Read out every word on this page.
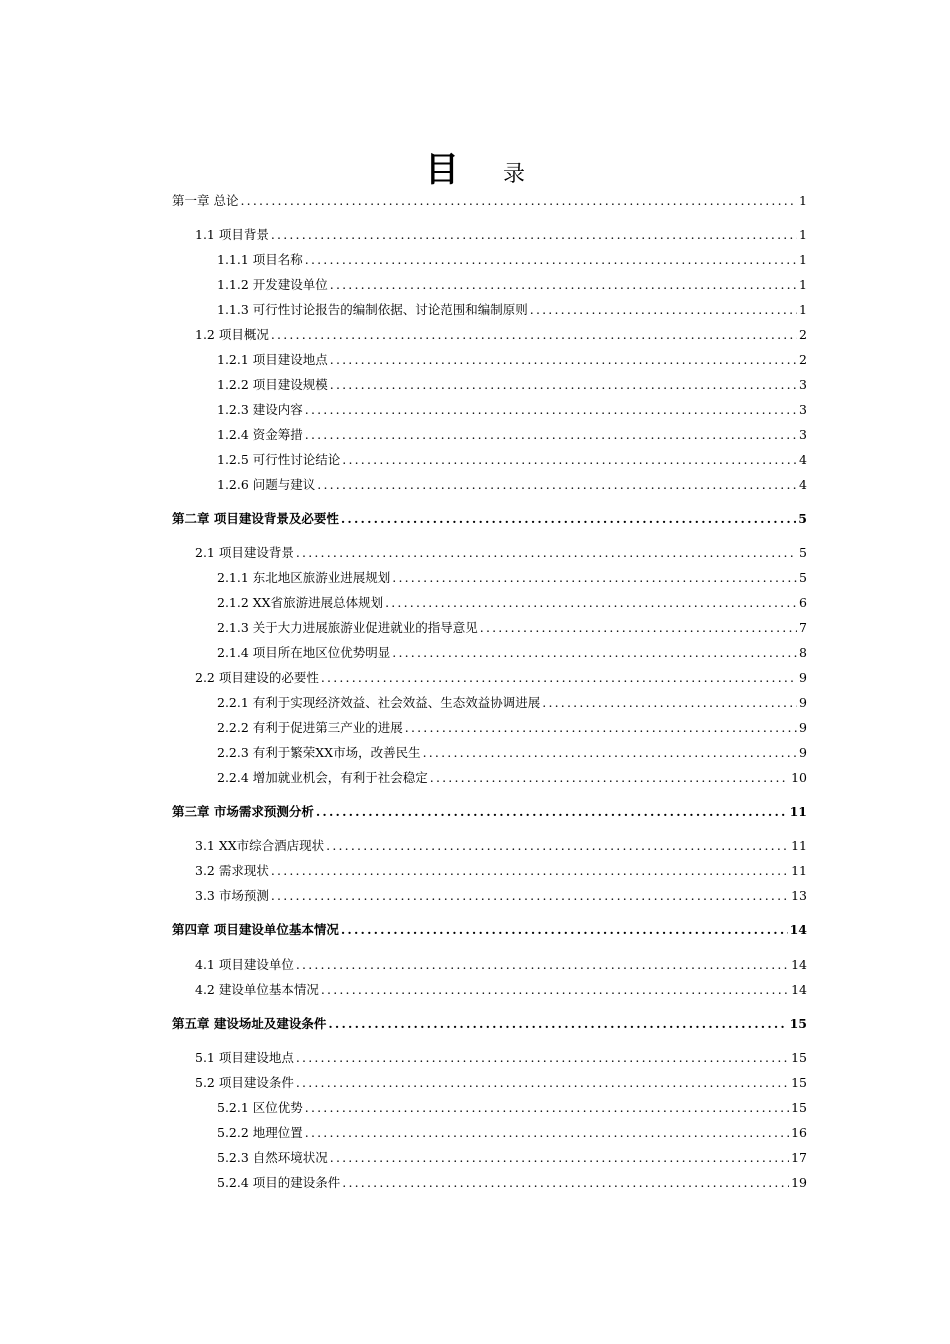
目 录
第一章 总论 .....	1
1.1 项目背景 .....	1
1.1.1 项目名称 .....	1
1.1.2 开发建设单位 .....	1
1.1.3 可行性讨论报告的编制依据、讨论范围和编制原则 .....	1
1.2 项目概况 .....	2
1.2.1 项目建设地点 .....	2
1.2.2 项目建设规模 .....	3
1.2.3 建设内容 .....	3
1.2.4 资金筹措 .....	3
1.2.5 可行性讨论结论 .....	4
1.2.6 问题与建议 .....	4
第二章 项目建设背景及必要性 .....	5
2.1 项目建设背景 .....	5
2.1.1 东北地区旅游业进展规划 .....	5
2.1.2 XX省旅游进展总体规划 .....	6
2.1.3 关于大力进展旅游业促进就业的指导意见 .....	7
2.1.4 项目所在地区位优势明显 .....	8
2.2 项目建设的必要性 .....	9
2.2.1 有利于实现经济效益、社会效益、生态效益协调进展 .....	9
2.2.2 有利于促进第三产业的进展 .....	9
2.2.3 有利于繁荣XX市场，改善民生 .....	9
2.2.4 增加就业机会，有利于社会稳定 .....	10
第三章 市场需求预测分析 .....	11
3.1 XX市综合酒店现状 .....	11
3.2 需求现状 .....	11
3.3 市场预测 .....	13
第四章 项目建设单位基本情况 .....	14
4.1 项目建设单位 .....	14
4.2 建设单位基本情况 .....	14
第五章 建设场址及建设条件 .....	15
5.1 项目建设地点 .....	15
5.2 项目建设条件 .....	15
5.2.1 区位优势 .....	15
5.2.2 地理位置 .....	16
5.2.3 自然环境状况 .....	17
5.2.4 项目的建设条件 .....	19
